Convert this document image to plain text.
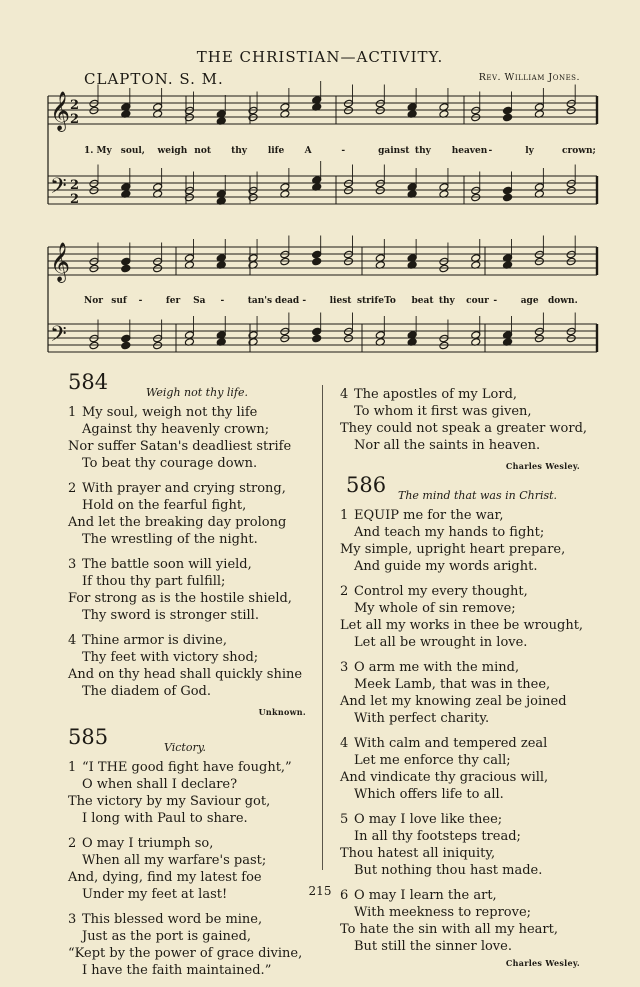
THE CHRISTIAN—ACTIVITY.
CLAPTON. S. M.	Rev. William Jones.
𝄞 2
2
𝄢 2
2
𝄞
𝄢
1. My soul, weigh not thy life A	-	gainst thy heaven -	ly	crown;
Nor suf -	fer Sa -	tan's dead -	liest strife To beat thy cour -	age down.
584	Weigh not thy life.
1 My soul, weigh not thy life
Against thy heavenly crown;
Nor suffer Satan's deadliest strife
To beat thy courage down.
2 With prayer and crying strong,
Hold on the fearful fight,
And let the breaking day prolong
The wrestling of the night.
3 The battle soon will yield,
If thou thy part fulfill;
For strong as is the hostile shield,
Thy sword is stronger still.
4 Thine armor is divine,
Thy feet with victory shod;
And on thy head shall quickly shine
The diadem of God.
Unknown.
585	Victory.
1 “I THE good fight have fought,”
O when shall I declare?
The victory by my Saviour got,
I long with Paul to share.
2 O may I triumph so,
When all my warfare's past;
And, dying, find my latest foe
Under my feet at last!
3 This blessed word be mine,
Just as the port is gained,
“Kept by the power of grace divine,
I have the faith maintained.”
4 The apostles of my Lord,
To whom it first was given,
They could not speak a greater word,
Nor all the saints in heaven.
Charles Wesley.
586 The mind that was in Christ.
1 EQUIP me for the war,
And teach my hands to fight;
My simple, upright heart prepare,
And guide my words aright.
2 Control my every thought,
My whole of sin remove;
Let all my works in thee be wrought,
Let all be wrought in love.
3 O arm me with the mind,
Meek Lamb, that was in thee,
And let my knowing zeal be joined
With perfect charity.
4 With calm and tempered zeal
Let me enforce thy call;
And vindicate thy gracious will,
Which offers life to all.
5 O may I love like thee;
In all thy footsteps tread;
Thou hatest all iniquity,
But nothing thou hast made.
6 O may I learn the art,
With meekness to reprove;
To hate the sin with all my heart,
But still the sinner love.
Charles Wesley.
215
